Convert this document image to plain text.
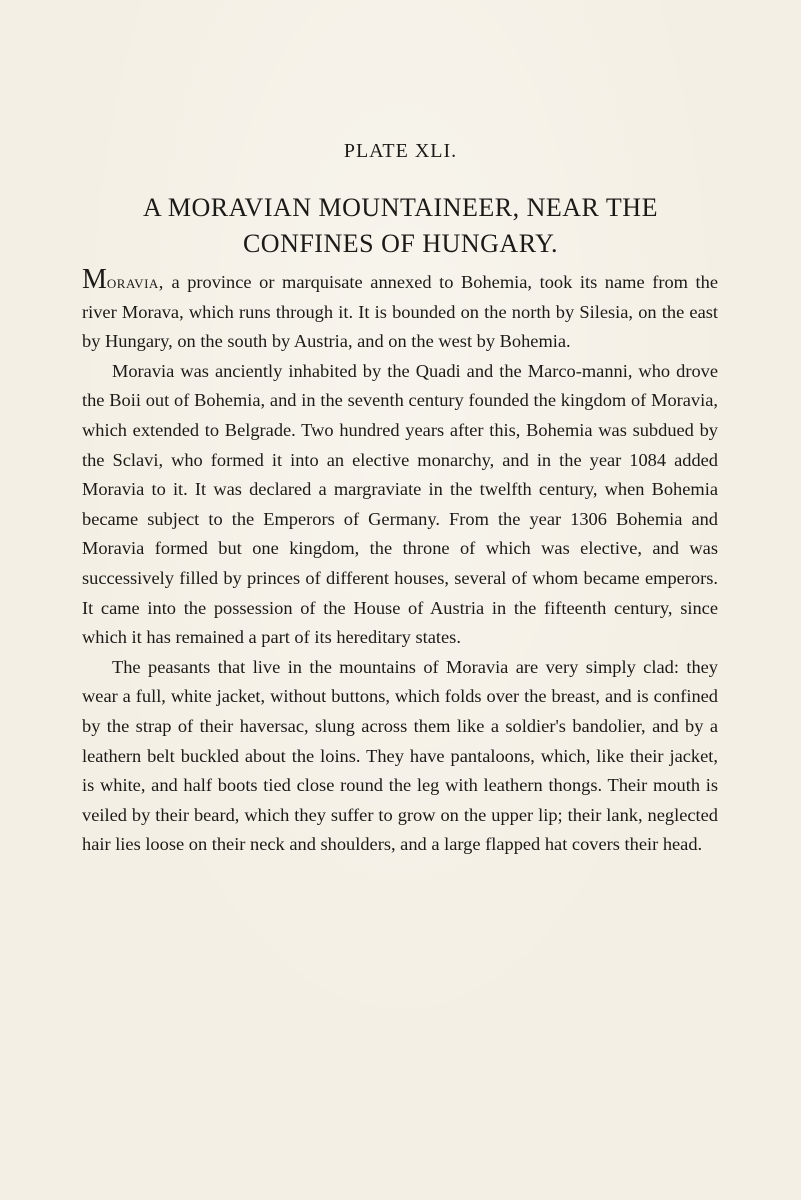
PLATE XLI.
A MORAVIAN MOUNTAINEER, NEAR THE
CONFINES OF HUNGARY.

Moravia, a province or marquisate annexed to Bohemia, took its name from the river Morava, which runs through it. It is bounded on the north by Silesia, on the east by Hungary, on the south by Austria, and on the west by Bohemia.

Moravia was anciently inhabited by the Quadi and the Marco-manni, who drove the Boii out of Bohemia, and in the seventh century founded the kingdom of Moravia, which extended to Belgrade. Two hundred years after this, Bohemia was subdued by the Sclavi, who formed it into an elective monarchy, and in the year 1084 added Moravia to it. It was declared a margraviate in the twelfth century, when Bohemia became subject to the Emperors of Germany. From the year 1306 Bohemia and Moravia formed but one kingdom, the throne of which was elective, and was successively filled by princes of different houses, several of whom became emperors. It came into the possession of the House of Austria in the fifteenth century, since which it has remained a part of its hereditary states.

The peasants that live in the mountains of Moravia are very simply clad: they wear a full, white jacket, without buttons, which folds over the breast, and is confined by the strap of their haversac, slung across them like a soldier's bandolier, and by a leathern belt buckled about the loins. They have pantaloons, which, like their jacket, is white, and half boots tied close round the leg with leathern thongs. Their mouth is veiled by their beard, which they suffer to grow on the upper lip; their lank, neglected hair lies loose on their neck and shoulders, and a large flapped hat covers their head.
